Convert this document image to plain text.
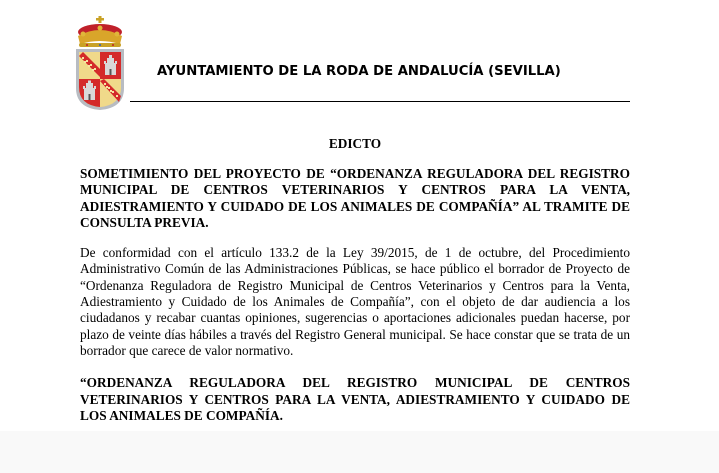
AYUNTAMIENTO DE LA RODA DE ANDALUCÍA (SEVILLA)

EDICTO

SOMETIMIENTO DEL PROYECTO DE “ORDENANZA REGULADORA DEL REGISTRO MUNICIPAL DE CENTROS VETERINARIOS Y CENTROS PARA LA VENTA, ADIESTRAMIENTO Y CUIDADO DE LOS ANIMALES DE COMPAÑÍA” AL TRAMITE DE CONSULTA PREVIA.

De conformidad con el artículo 133.2 de la Ley 39/2015, de 1 de octubre, del Procedimiento Administrativo Común de las Administraciones Públicas, se hace público el borrador de Proyecto de “Ordenanza Reguladora de Registro Municipal de Centros Veterinarios y Centros para la Venta, Adiestramiento y Cuidado de los Animales de Compañía”, con el objeto de dar audiencia a los ciudadanos y recabar cuantas opiniones, sugerencias o aportaciones adicionales puedan hacerse, por plazo de veinte días hábiles a través del Registro General municipal. Se hace constar que se trata de un borrador que carece de valor normativo.

“ORDENANZA REGULADORA DEL REGISTRO MUNICIPAL DE CENTROS VETERINARIOS Y CENTROS PARA LA VENTA, ADIESTRAMIENTO Y CUIDADO DE LOS ANIMALES DE COMPAÑÍA.
